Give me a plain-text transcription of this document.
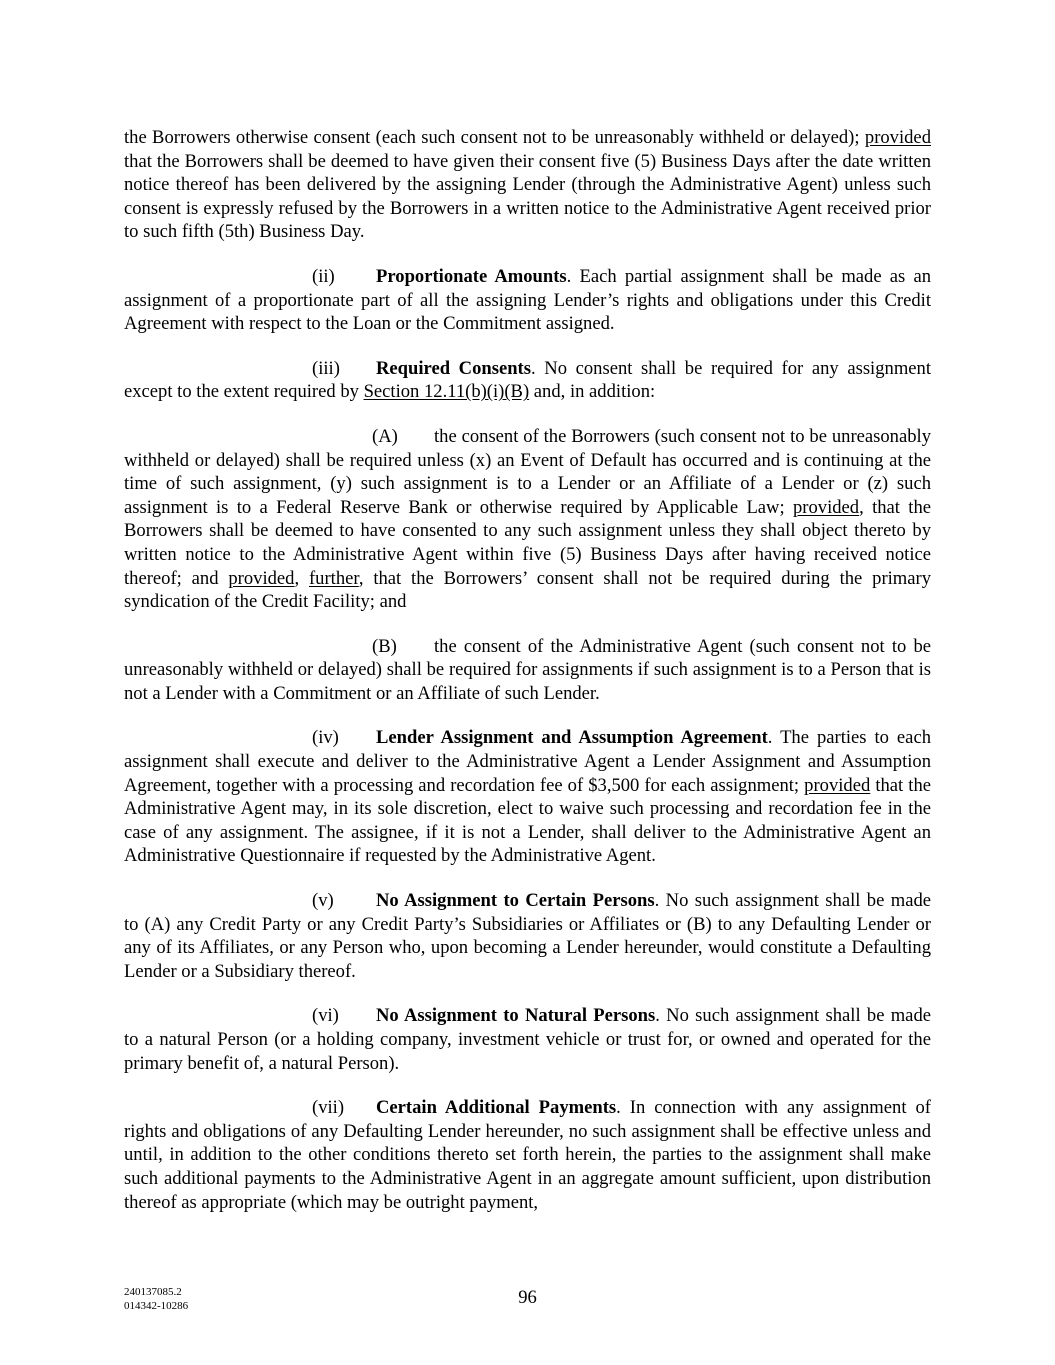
the Borrowers otherwise consent (each such consent not to be unreasonably withheld or delayed); provided that the Borrowers shall be deemed to have given their consent five (5) Business Days after the date written notice thereof has been delivered by the assigning Lender (through the Administrative Agent) unless such consent is expressly refused by the Borrowers in a written notice to the Administrative Agent received prior to such fifth (5th) Business Day.

(ii) Proportionate Amounts. Each partial assignment shall be made as an assignment of a proportionate part of all the assigning Lender’s rights and obligations under this Credit Agreement with respect to the Loan or the Commitment assigned.

(iii) Required Consents. No consent shall be required for any assignment except to the extent required by Section 12.11(b)(i)(B) and, in addition:

(A) the consent of the Borrowers (such consent not to be unreasonably withheld or delayed) shall be required unless (x) an Event of Default has occurred and is continuing at the time of such assignment, (y) such assignment is to a Lender or an Affiliate of a Lender or (z) such assignment is to a Federal Reserve Bank or otherwise required by Applicable Law; provided, that the Borrowers shall be deemed to have consented to any such assignment unless they shall object thereto by written notice to the Administrative Agent within five (5) Business Days after having received notice thereof; and provided, further, that the Borrowers’ consent shall not be required during the primary syndication of the Credit Facility; and

(B) the consent of the Administrative Agent (such consent not to be unreasonably withheld or delayed) shall be required for assignments if such assignment is to a Person that is not a Lender with a Commitment or an Affiliate of such Lender.

(iv) Lender Assignment and Assumption Agreement. The parties to each assignment shall execute and deliver to the Administrative Agent a Lender Assignment and Assumption Agreement, together with a processing and recordation fee of $3,500 for each assignment; provided that the Administrative Agent may, in its sole discretion, elect to waive such processing and recordation fee in the case of any assignment. The assignee, if it is not a Lender, shall deliver to the Administrative Agent an Administrative Questionnaire if requested by the Administrative Agent.

(v) No Assignment to Certain Persons. No such assignment shall be made to (A) any Credit Party or any Credit Party’s Subsidiaries or Affiliates or (B) to any Defaulting Lender or any of its Affiliates, or any Person who, upon becoming a Lender hereunder, would constitute a Defaulting Lender or a Subsidiary thereof.

(vi) No Assignment to Natural Persons. No such assignment shall be made to a natural Person (or a holding company, investment vehicle or trust for, or owned and operated for the primary benefit of, a natural Person).

(vii) Certain Additional Payments. In connection with any assignment of rights and obligations of any Defaulting Lender hereunder, no such assignment shall be effective unless and until, in addition to the other conditions thereto set forth herein, the parties to the assignment shall make such additional payments to the Administrative Agent in an aggregate amount sufficient, upon distribution thereof as appropriate (which may be outright payment,

240137085.2
014342-10286	96
